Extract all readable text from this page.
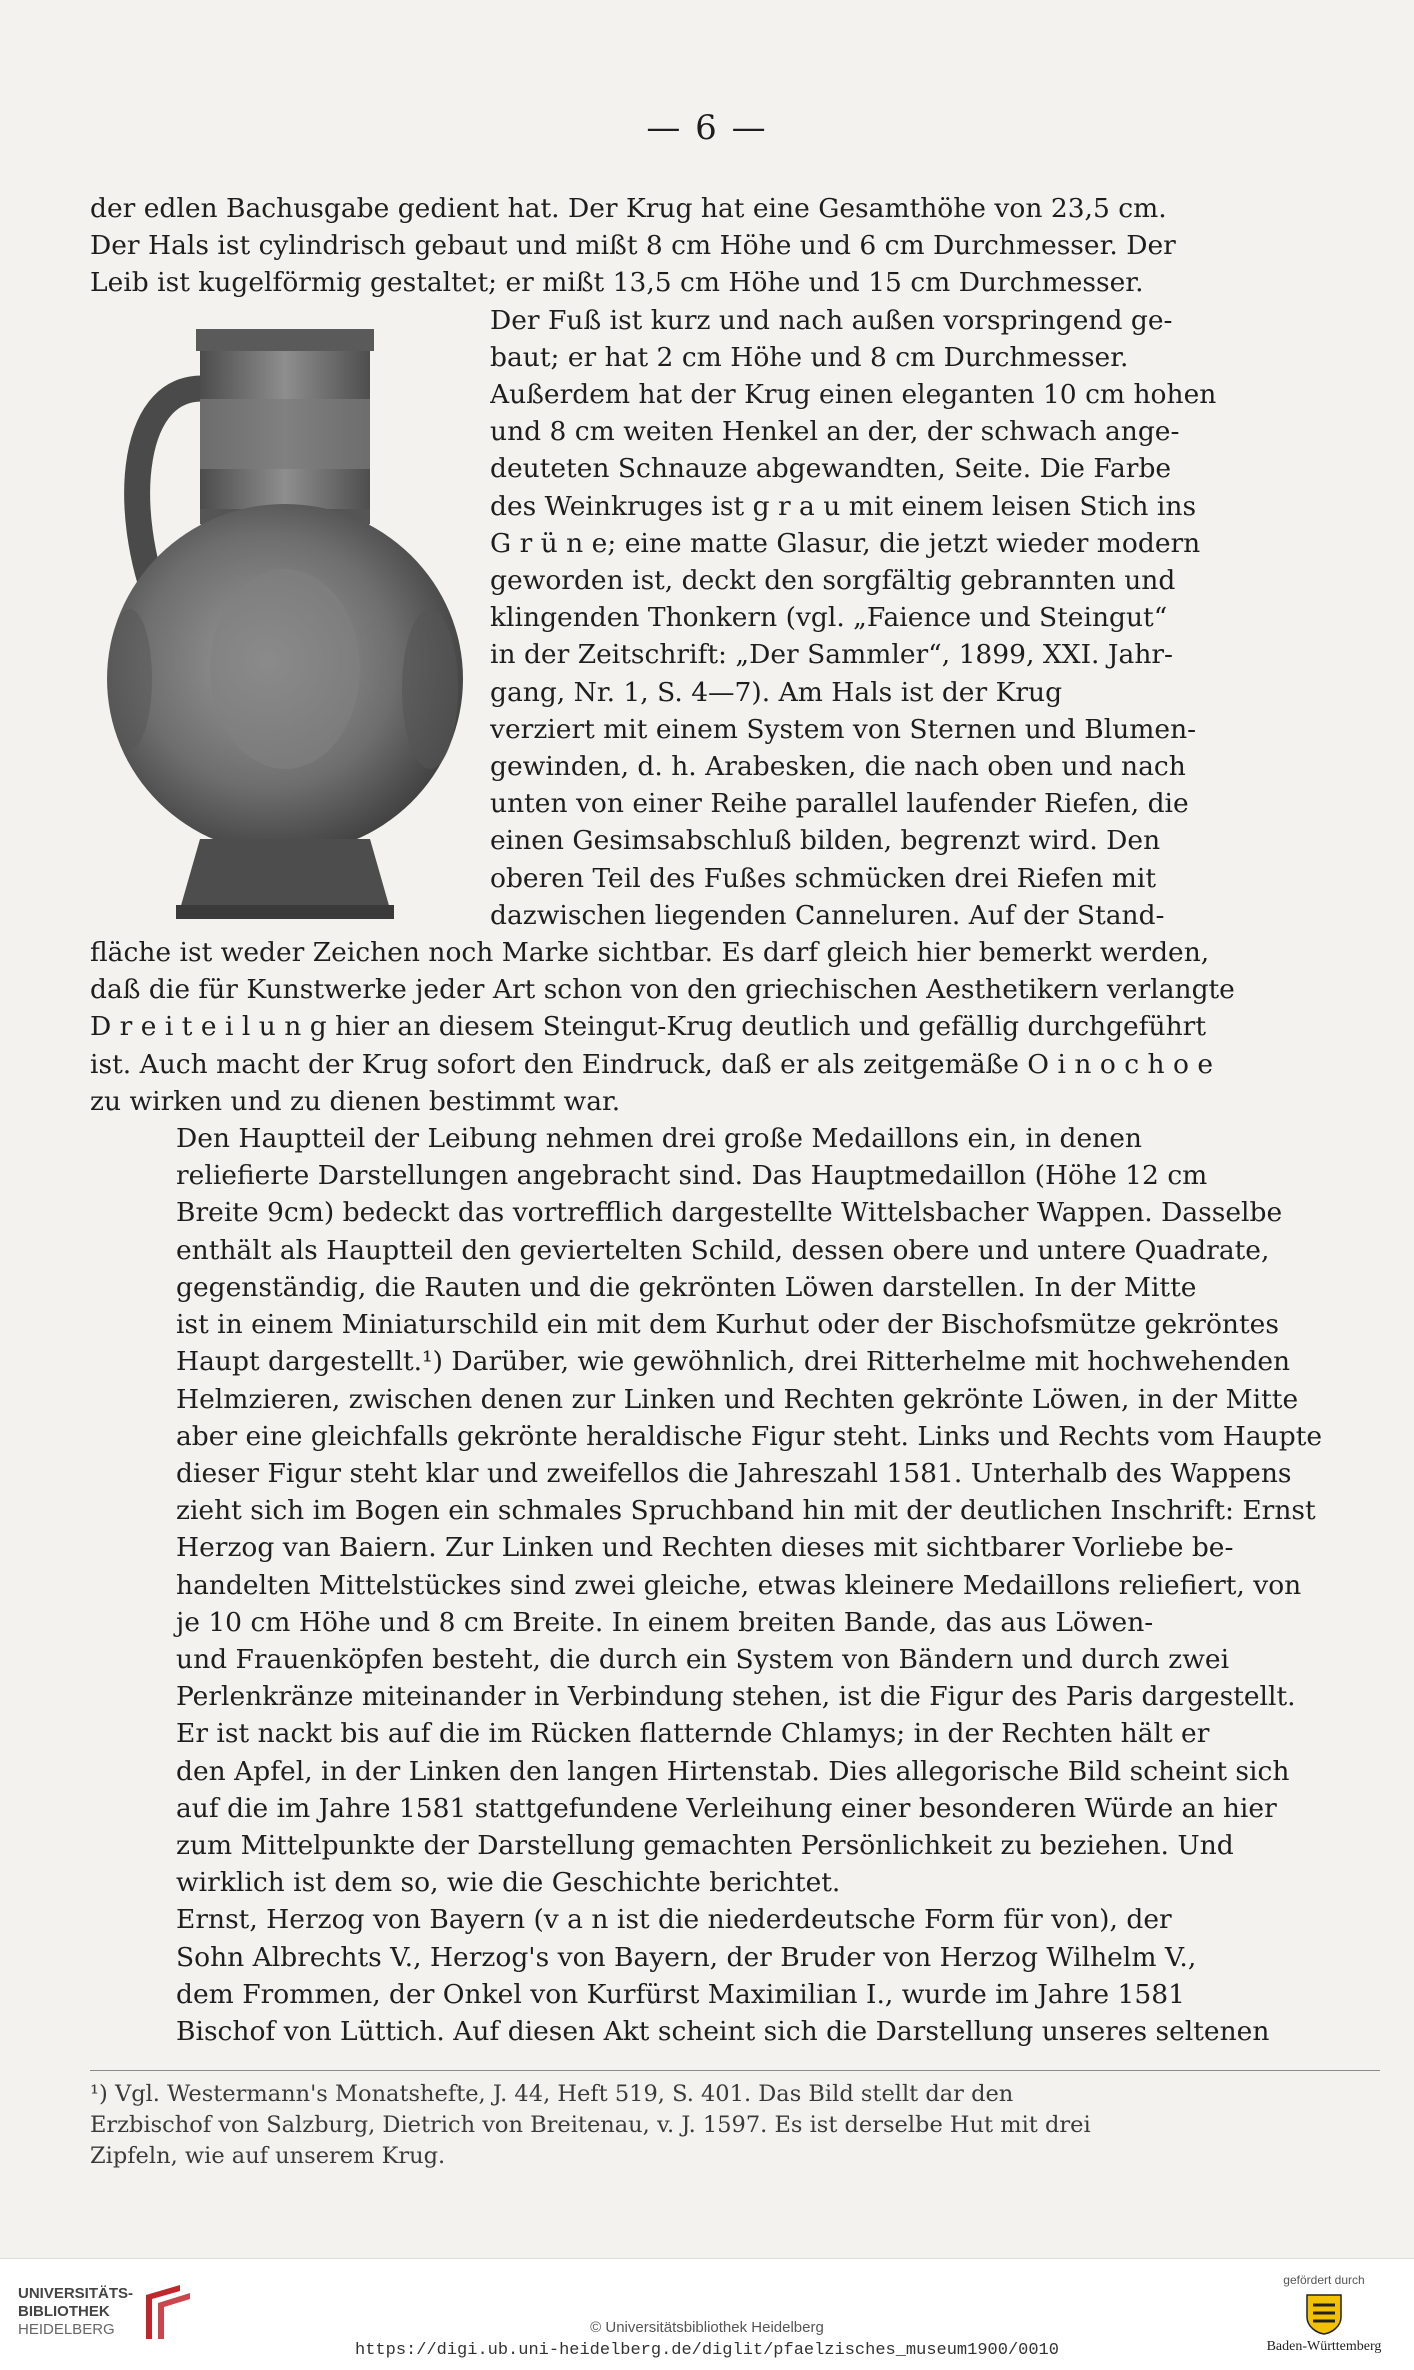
— 6 —

der edlen Bachusgabe gedient hat. Der Krug hat eine Gesamthöhe von 23,5 cm.
Der Hals ist cylindrisch gebaut und mißt 8 cm Höhe und 6 cm Durchmesser. Der
Leib ist kugelförmig gestaltet; er mißt 13,5 cm Höhe und 15 cm Durchmesser.
Der Fuß ist kurz und nach außen vorspringend ge-
baut; er hat 2 cm Höhe und 8 cm Durchmesser.
Außerdem hat der Krug einen eleganten 10 cm hohen
und 8 cm weiten Henkel an der, der schwach ange-
deuteten Schnauze abgewandten, Seite. Die Farbe
des Weinkruges ist g r a u mit einem leisen Stich ins
G r ü n e; eine matte Glasur, die jetzt wieder modern
geworden ist, deckt den sorgfältig gebrannten und
klingenden Thonkern (vgl. „Faience und Steingut“
in der Zeitschrift: „Der Sammler“, 1899, XXI. Jahr-
gang, Nr. 1, S. 4—7). Am Hals ist der Krug
verziert mit einem System von Sternen und Blumen-
gewinden, d. h. Arabesken, die nach oben und nach
unten von einer Reihe parallel laufender Riefen, die
einen Gesimsabschluß bilden, begrenzt wird. Den
oberen Teil des Fußes schmücken drei Riefen mit
dazwischen liegenden Canneluren. Auf der Stand-
fläche ist weder Zeichen noch Marke sichtbar. Es darf gleich hier bemerkt werden,
daß die für Kunstwerke jeder Art schon von den griechischen Aesthetikern verlangte
D r e i t e i l u n g hier an diesem Steingut-Krug deutlich und gefällig durchgeführt
ist. Auch macht der Krug sofort den Eindruck, daß er als zeitgemäße O i n o c h o e
zu wirken und zu dienen bestimmt war.

Den Hauptteil der Leibung nehmen drei große Medaillons ein, in denen
reliefierte Darstellungen angebracht sind. Das Hauptmedaillon (Höhe 12 cm
Breite 9cm) bedeckt das vortrefflich dargestellte Wittelsbacher Wappen. Dasselbe
enthält als Hauptteil den geviertelten Schild, dessen obere und untere Quadrate,
gegenständig, die Rauten und die gekrönten Löwen darstellen. In der Mitte
ist in einem Miniaturschild ein mit dem Kurhut oder der Bischofsmütze gekröntes
Haupt dargestellt.¹) Darüber, wie gewöhnlich, drei Ritterhelme mit hochwehenden
Helmzieren, zwischen denen zur Linken und Rechten gekrönte Löwen, in der Mitte
aber eine gleichfalls gekrönte heraldische Figur steht. Links und Rechts vom Haupte
dieser Figur steht klar und zweifellos die Jahreszahl 1581. Unterhalb des Wappens
zieht sich im Bogen ein schmales Spruchband hin mit der deutlichen Inschrift: Ernst
Herzog van Baiern. Zur Linken und Rechten dieses mit sichtbarer Vorliebe be-
handelten Mittelstückes sind zwei gleiche, etwas kleinere Medaillons reliefiert, von
je 10 cm Höhe und 8 cm Breite. In einem breiten Bande, das aus Löwen-
und Frauenköpfen besteht, die durch ein System von Bändern und durch zwei
Perlenkränze miteinander in Verbindung stehen, ist die Figur des Paris dargestellt.
Er ist nackt bis auf die im Rücken flatternde Chlamys; in der Rechten hält er
den Apfel, in der Linken den langen Hirtenstab. Dies allegorische Bild scheint sich
auf die im Jahre 1581 stattgefundene Verleihung einer besonderen Würde an hier
zum Mittelpunkte der Darstellung gemachten Persönlichkeit zu beziehen. Und
wirklich ist dem so, wie die Geschichte berichtet.

Ernst, Herzog von Bayern (v a n ist die niederdeutsche Form für von), der
Sohn Albrechts V., Herzog's von Bayern, der Bruder von Herzog Wilhelm V.,
dem Frommen, der Onkel von Kurfürst Maximilian I., wurde im Jahre 1581
Bischof von Lüttich. Auf diesen Akt scheint sich die Darstellung unseres seltenen

¹) Vgl. Westermann's Monatshefte, J. 44, Heft 519, S. 401. Das Bild stellt dar den
Erzbischof von Salzburg, Dietrich von Breitenau, v. J. 1597. Es ist derselbe Hut mit drei
Zipfeln, wie auf unserem Krug.
UNIVERSITÄTS-
BIBLIOTHEK
HEIDELBERG	© Universitätsbibliothek Heidelberg
https://digi.ub.uni-heidelberg.de/diglit/pfaelzisches_museum1900/0010
gefördert durch
Baden-Württemberg
